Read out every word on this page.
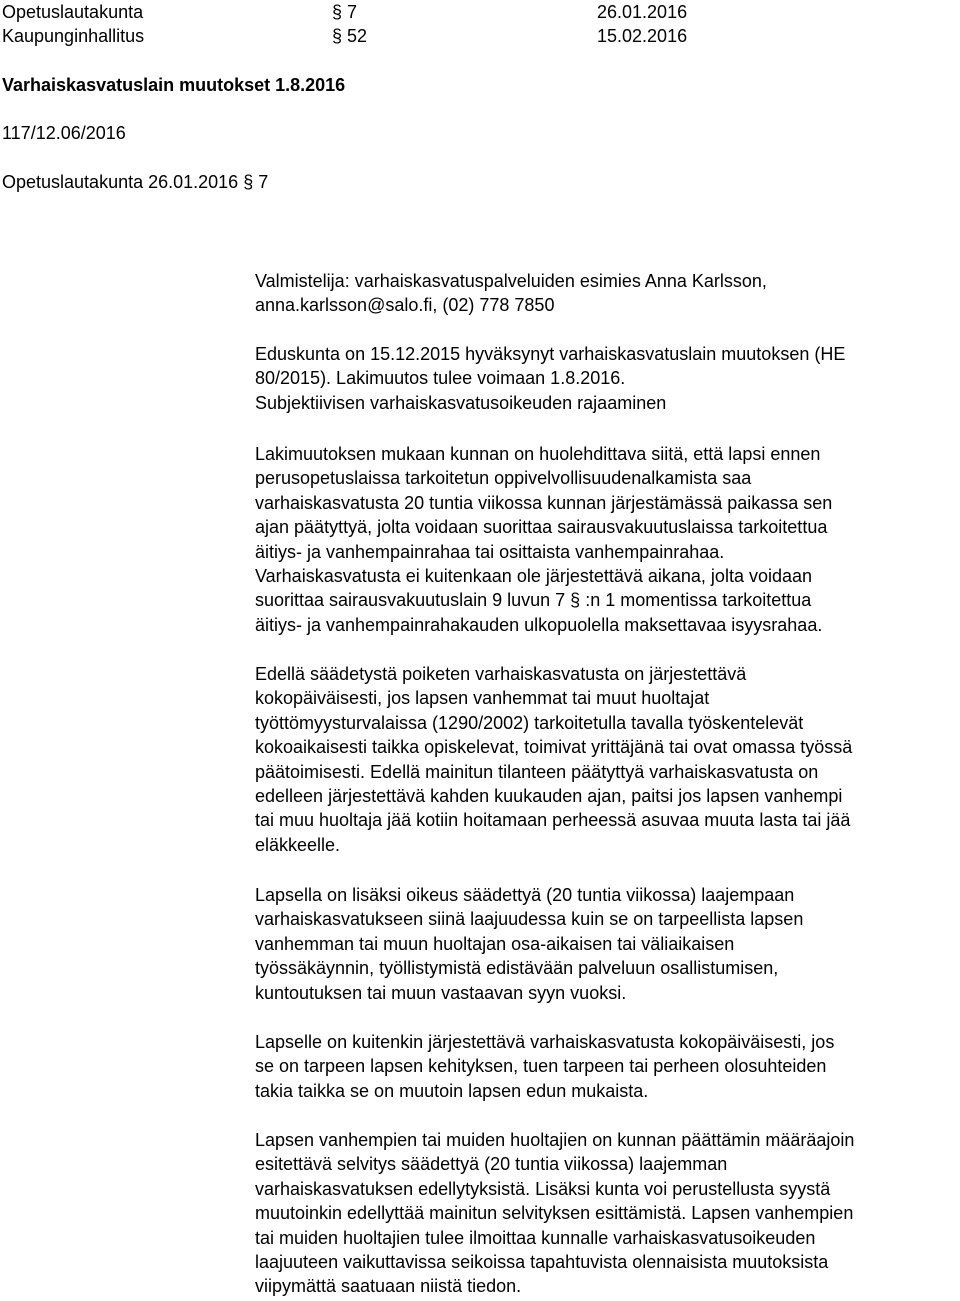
Opetuslautakunta	§ 7	26.01.2016
Kaupunginhallitus	§ 52	15.02.2016
Varhaiskasvatuslain muutokset 1.8.2016
117/12.06/2016
Opetuslautakunta 26.01.2016 § 7
Valmistelija: varhaiskasvatuspalveluiden esimies Anna Karlsson,
anna.karlsson@salo.fi, (02) 778 7850
Eduskunta on 15.12.2015 hyväksynyt varhaiskasvatuslain muutoksen (HE
80/2015). Lakimuutos tulee voimaan 1.8.2016.
Subjektiivisen varhaiskasvatusoikeuden rajaaminen
Lakimuutoksen mukaan kunnan on huolehdittava siitä, että lapsi ennen
perusopetuslaissa tarkoitetun oppivelvollisuudenalkamista saa
varhaiskasvatusta 20 tuntia viikossa kunnan järjestämässä paikassa sen
ajan päätyttyä, jolta voidaan suorittaa sairausvakuutuslaissa tarkoitettua
äitiys- ja vanhempainrahaa tai osittaista vanhempainrahaa.
Varhaiskasvatusta ei kuitenkaan ole järjestettävä aikana, jolta voidaan
suorittaa sairausvakuutuslain 9 luvun 7 § :n 1 momentissa tarkoitettua
äitiys- ja vanhempainrahakauden ulkopuolella maksettavaa isyysrahaa.
Edellä säädetystä poiketen varhaiskasvatusta on järjestettävä
kokopäiväisesti, jos lapsen vanhemmat tai muut huoltajat
työttömyysturvalaissa (1290/2002) tarkoitetulla tavalla työskentelevät
kokoaikaisesti taikka opiskelevat, toimivat yrittäjänä tai ovat omassa työssä
päätoimisesti. Edellä mainitun tilanteen päätyttyä varhaiskasvatusta on
edelleen järjestettävä kahden kuukauden ajan, paitsi jos lapsen vanhempi
tai muu huoltaja jää kotiin hoitamaan perheessä asuvaa muuta lasta tai jää
eläkkeelle.
Lapsella on lisäksi oikeus säädettyä (20 tuntia viikossa) laajempaan
varhaiskasvatukseen siinä laajuudessa kuin se on tarpeellista lapsen
vanhemman tai muun huoltajan osa-aikaisen tai väliaikaisen
työssäkäynnin, työllistymistä edistävään palveluun osallistumisen,
kuntoutuksen tai muun vastaavan syyn vuoksi.
Lapselle on kuitenkin järjestettävä varhaiskasvatusta kokopäiväisesti, jos
se on tarpeen lapsen kehityksen, tuen tarpeen tai perheen olosuhteiden
takia taikka se on muutoin lapsen edun mukaista.
Lapsen vanhempien tai muiden huoltajien on kunnan päättämin määräajoin
esitettävä selvitys säädettyä (20 tuntia viikossa) laajemman
varhaiskasvatuksen edellytyksistä. Lisäksi kunta voi perustellusta syystä
muutoinkin edellyttää mainitun selvityksen esittämistä. Lapsen vanhempien
tai muiden huoltajien tulee ilmoittaa kunnalle varhaiskasvatusoikeuden
laajuuteen vaikuttavissa seikoissa tapahtuvista olennaisista muutoksista
viipymättä saatuaan niistä tiedon.
